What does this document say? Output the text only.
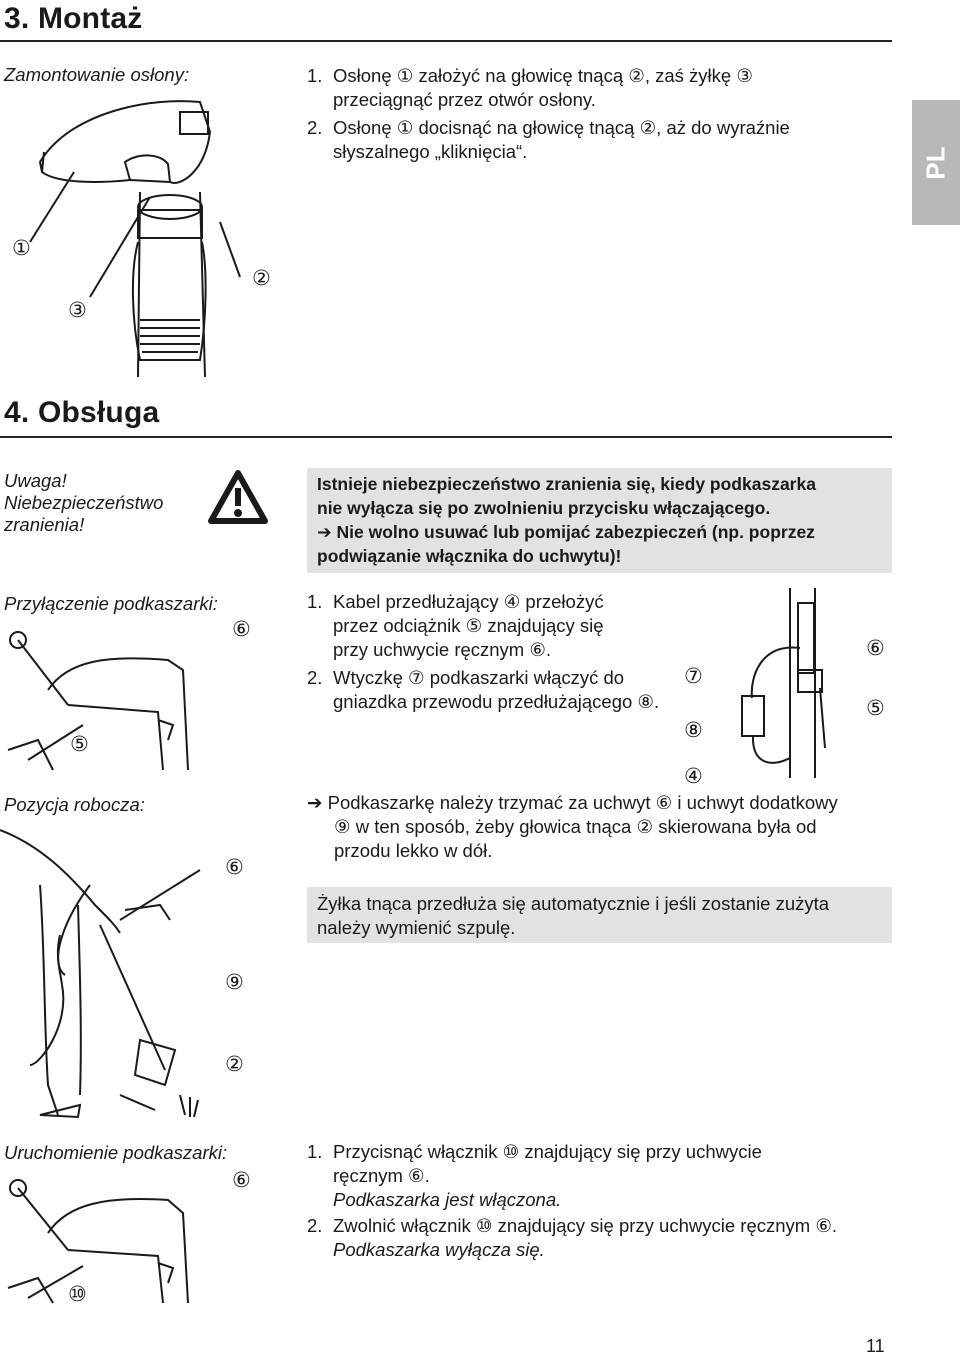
3. Montaż
PL
Zamontowanie osłony:	1. Osłonę ① założyć na głowicę tnącą ②, zaś żyłkę ③
przeciągnąć przez otwór osłony.
2. Osłonę ① docisnąć na głowicę tnącą ②, aż do wyraźnie
słyszalnego „kliknięcia“.
①
③
②
4. Obsługa
Uwaga!
Niebezpieczeństwo
zranienia!
Istnieje niebezpieczeństwo zranienia się, kiedy podkaszarka
nie wyłącza się po zwolnieniu przycisku włączającego.
➔ Nie wolno usuwać lub pomijać zabezpieczeń (np. poprzez
podwiązanie włącznika do uchwytu)!
Przyłączenie podkaszarki:
⑥
⑤
1. Kabel przedłużający ④ przełożyć
przez odciążnik ⑤ znajdujący się
przy uchwycie ręcznym ⑥.
2. Wtyczkę ⑦ podkaszarki włączyć do
gniazdka przewodu przedłużającego ⑧.
⑥
⑦
⑤
⑧
④
Pozycja robocza:	➔ Podkaszarkę należy trzymać za uchwyt ⑥ i uchwyt dodatkowy
⑨ w ten sposób, żeby głowica tnąca ② skierowana była od
przodu lekko w dół.
Żyłka tnąca przedłuża się automatycznie i jeśli zostanie zużyta
należy wymienić szpulę.
⑥
⑨
②
Uruchomienie podkaszarki:
⑥
⑩
1. Przycisnąć włącznik ⑩ znajdujący się przy uchwycie
ręcznym ⑥.
Podkaszarka jest włączona.
2. Zwolnić włącznik ⑩ znajdujący się przy uchwycie ręcznym ⑥.
Podkaszarka wyłącza się.
11
